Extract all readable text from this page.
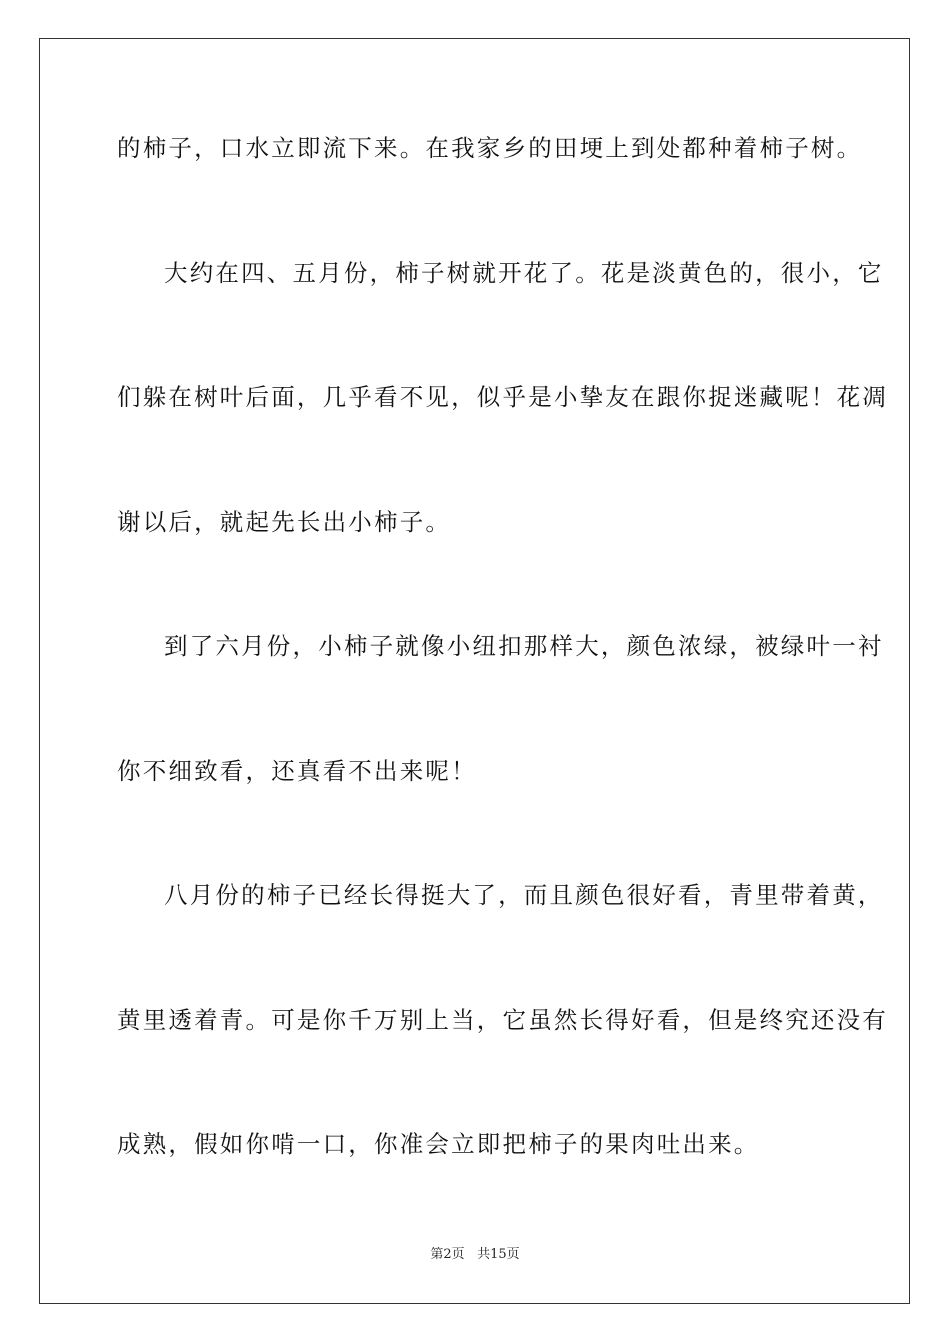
的柿子，口水立即流下来。在我家乡的田埂上到处都种着柿子树。
大约在四、五月份，柿子树就开花了。花是淡黄色的，很小，它
们躲在树叶后面，几乎看不见，似乎是小挚友在跟你捉迷藏呢！花凋
谢以后，就起先长出小柿子。
到了六月份，小柿子就像小纽扣那样大，颜色浓绿，被绿叶一衬
你不细致看，还真看不出来呢！
八月份的柿子已经长得挺大了，而且颜色很好看，青里带着黄，
黄里透着青。可是你千万别上当，它虽然长得好看，但是终究还没有
成熟，假如你啃一口，你准会立即把柿子的果肉吐出来。
第2页 共15页
